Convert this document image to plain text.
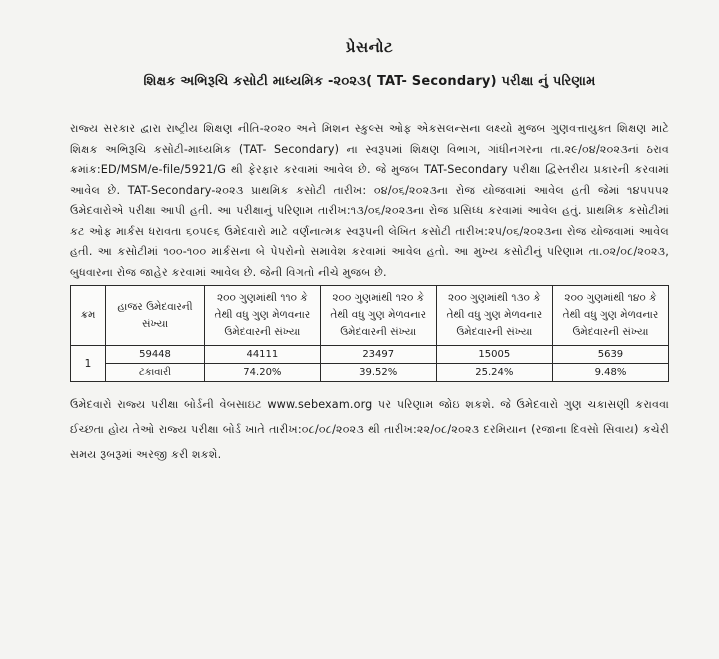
પ્રેસનોટ
શિક્ષક અભિરૂચિ કસોટી માધ્યમિક -૨૦૨૩( TAT- Secondary) પરીક્ષા નું પરિણામ

રાજ્ય સરકાર દ્વારા રાષ્ટ્રીય શિક્ષણ નીતિ-૨૦૨૦ અને મિશન સ્કુલ્સ ઓફ એકસલન્સના લક્ષ્યો મુજબ ગુણવત્તાયુક્ત શિક્ષણ માટે શિક્ષક અભિરૂચિ કસોટી-માધ્યમિક (TAT- Secondary) ના સ્વરૂપમાં શિક્ષણ વિભાગ, ગાંધીનગરના તા.૨૯/૦૪/૨૦૨૩નાં ઠરાવ ક્રમાંક:ED/MSM/e-file/5921/G થી ફેરફાર કરવામાં આવેલ છે. જે મુજબ TAT-Secondary પરીક્ષા દ્વિસ્તરીય પ્રકારની કરવામાં આવેલ છે. TAT-Secondary-૨૦૨૩ પ્રાથમિક કસોટી તારીખ: ૦૪/૦૬/૨૦૨૩ના રોજ યોજવામાં આવેલ હતી જેમાં ૧૪૫૫૫૨ ઉમેદવારોએ પરીક્ષા આપી હતી. આ પરીક્ષાનું પરિણામ તારીખ:૧૩/૦૬/૨૦૨૩ના રોજ પ્રસિધ્ધ કરવામાં આવેલ હતું. પ્રાથમિક કસોટીમાં કટ ઓફ માર્કસ ધરાવતા ૬૦૫૯૬ ઉમેદવારો માટે વર્ણનાત્મક સ્વરૂપની લેખિત કસોટી તારીખ:૨૫/૦૬/૨૦૨૩ના રોજ યોજવામાં આવેલ હતી. આ કસોટીમાં ૧૦૦-૧૦૦ માર્કસના બે પેપરોનો સમાવેશ કરવામાં આવેલ હતો. આ મુખ્ય કસોટીનું પરિણામ તા.૦૨/૦૮/૨૦૨૩, બુધવારના રોજ જાહેર કરવામાં આવેલ છે. જેની વિગતો નીચે મુજબ છે.

ક્રમ	હાજર ઉમેદવારની સંખ્યા	૨૦૦ ગુણમાંથી ૧૧૦ કે તેથી વધુ ગુણ મેળવનાર ઉમેદવારની સંખ્યા	૨૦૦ ગુણમાંથી ૧૨૦ કે તેથી વધુ ગુણ મેળવનાર ઉમેદવારની સંખ્યા	૨૦૦ ગુણમાંથી ૧૩૦ કે તેથી વધુ ગુણ મેળવનાર ઉમેદવારની સંખ્યા	૨૦૦ ગુણમાંથી ૧૪૦ કે તેથી વધુ ગુણ મેળવનાર ઉમેદવારની સંખ્યા
1	59448	44111	23497	15005	5639
	ટકાવારી	74.20%	39.52%	25.24%	9.48%

ઉમેદવારો રાજ્ય પરીક્ષા બોર્ડની વેબસાઇટ www.sebexam.org પર પરિણામ જોઇ શકશે. જે ઉમેદવારો ગુણ ચકાસણી કરાવવા ઈચ્છતા હોય તેઓ રાજ્ય પરીક્ષા બોર્ડ ખાતે તારીખ:૦૮/૦૮/૨૦૨૩ થી તારીખ:૨૨/૦૮/૨૦૨૩ દરમિયાન (રજાના દિવસો સિવાય) કચેરી સમય રૂબરૂમાં અરજી કરી શકશે.
